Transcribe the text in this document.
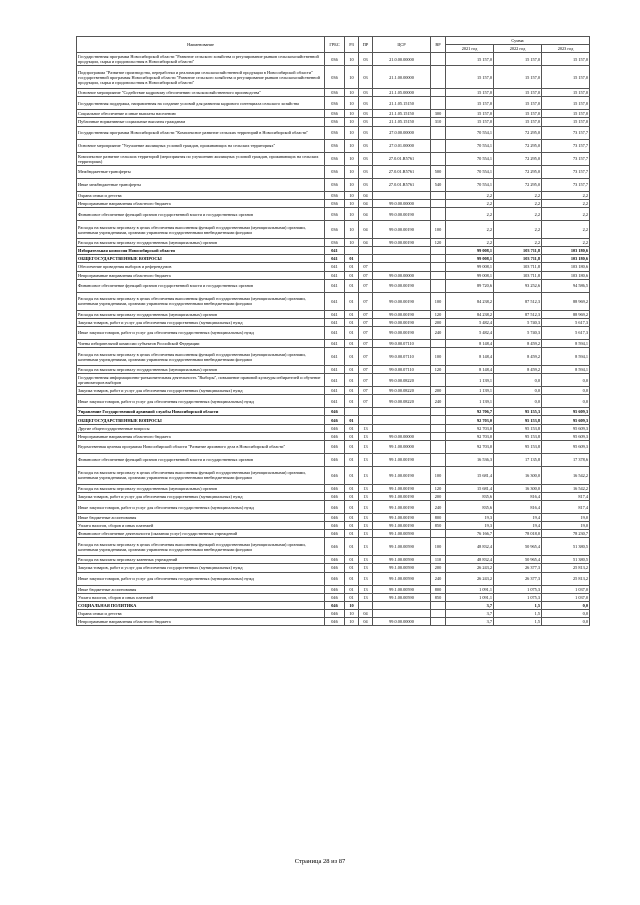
Наименование	ГРБС	РЗ	ПР	ЦСР	ВР	Сумма		
						2021 год	2022 год	2023 год
Государственная программа Новосибирской области "Развитие сельского хозяйства и регулирование рынков сельскохозяйственной продукции, сырья и продовольствия в Новосибирской области"	036	10	03	21.0.00.00000		15 157,0	15 157,0	15 157,0
Подпрограмма "Развитие производства, переработки и реализации сельскохозяйственной продукции в Новосибирской области" государственной программы Новосибирской области "Развитие сельского хозяйства и регулирование рынков сельскохозяйственной продукции, сырья и продовольствия в Новосибирской области"	036	10	03	21.1.00.00000		15 157,0	15 157,0	15 157,0
Основное мероприятие "Содействие кадровому обеспечению сельскохозяйственного производства"	036	10	03	21.1.05.00000		15 157,0	15 157,0	15 157,0
Государственная поддержка, направленная на создание условий для развития кадрового потенциала сельского хозяйства	036	10	03	21.1.05.15150		15 157,0	15 157,0	15 157,0
Социальное обеспечение и иные выплаты населению	036	10	03	21.1.05.15150	300	15 157,0	15 157,0	15 157,0
Публичные нормативные социальные выплаты гражданам	036	10	03	21.1.05.15150	310	15 157,0	15 157,0	15 157,0
Государственная программа Новосибирской области "Комплексное развитие сельских территорий в Новосибирской области"	036	10	03	27.0.00.00000		70 554,1	72 295,0	73 157,7
Основное мероприятие "Улучшение жилищных условий граждан, проживающих на сельских территориях"	036	10	03	27.0.01.00000		70 554,1	72 295,0	73 157,7
Комплексное развитие сельских территорий (мероприятия по улучшению жилищных условий граждан, проживающих на сельских территориях)	036	10	03	27.0.01.R5761		70 554,1	72 295,0	73 157,7
Межбюджетные трансферты	036	10	03	27.0.01.R5761	500	70 554,1	72 295,0	73 157,7
Иные межбюджетные трансферты	036	10	03	27.0.01.R5761	540	70 554,1	72 295,0	73 157,7
Охрана семьи и детства	036	10	04			2,2	2,2	2,2
Непрограммные направления областного бюджета	036	10	04	99.0.00.00000		2,2	2,2	2,2
Финансовое обеспечение функций органов государственной власти и государственных органов	036	10	04	99.0.00.00190		2,2	2,2	2,2
Расходы на выплаты персоналу в целях обеспечения выполнения функций государственными (муниципальными) органами, казенными учреждениями, органами управления государственными внебюджетными фондами	036	10	04	99.0.00.00190	100	2,2	2,2	2,2
Расходы на выплаты персоналу государственных (муниципальных) органов	036	10	04	99.0.00.00190	120	2,2	2,2	2,2
Избирательная комиссия Новосибирской области	041					99 008,1	103 711,8	103 180,6
ОБЩЕГОСУДАРСТВЕННЫЕ ВОПРОСЫ	041	01				99 008,1	103 711,8	103 180,6
Обеспечение проведения выборов и референдумов	041	01	07			99 008,1	103 711,8	103 180,6
Непрограммные направления областного бюджета	041	01	07	99.0.00.00000		99 008,1	103 711,8	103 180,6
Финансовое обеспечение функций органов государственной власти и государственных органов	041	01	07	99.0.00.00190		89 720,6	93 252,6	94 586,5
Расходы на выплаты персоналу в целях обеспечения выполнения функций государственными (муниципальными) органами, казенными учреждениями, органами управления государственными внебюджетными фондами	041	01	07	99.0.00.00190	100	84 238,2	87 512,3	88 969,2
Расходы на выплаты персоналу государственных (муниципальных) органов	041	01	07	99.0.00.00190	120	84 238,2	87 512,3	88 969,2
Закупка товаров, работ и услуг для обеспечения государственных (муниципальных) нужд	041	01	07	99.0.00.00190	200	5 482,4	5 740,3	5 617,3
Иные закупки товаров, работ и услуг для обеспечения государственных (муниципальных) нужд	041	01	07	99.0.00.00190	240	5 482,4	5 740,3	5 617,3
Члены избирательной комиссии субъектов Российской Федерации	041	01	07	99.0.00.07110		8 148,4	8 459,2	8 594,1
Расходы на выплаты персоналу в целях обеспечения выполнения функций государственными (муниципальными) органами, казенными учреждениями, органами управления государственными внебюджетными фондами	041	01	07	99.0.00.07110	100	8 148,4	8 459,2	8 594,1
Расходы на выплаты персоналу государственных (муниципальных) органов	041	01	07	99.0.00.07110	120	8 148,4	8 459,2	8 594,1
Государственная информационно-разъяснительная деятельность "Выборы", повышение правовой культуры избирателей и обучение организаторов выборов	041	01	07	99.0.00.08220		1 139,1	0,0	0,0
Закупка товаров, работ и услуг для обеспечения государственных (муниципальных) нужд	041	01	07	99.0.00.08220	200	1 139,1	0,0	0,0
Иные закупки товаров, работ и услуг для обеспечения государственных (муниципальных) нужд	041	01	07	99.0.00.08220	240	1 139,1	0,0	0,0
Управление Государственной архивной службы Новосибирской области	046					92 706,7	95 155,3	95 609,3
ОБЩЕГОСУДАРСТВЕННЫЕ ВОПРОСЫ	046	01				92 703,0	95 153,8	95 609,3
Другие общегосударственные вопросы	046	01	13			92 703,0	95 153,8	95 609,3
Непрограммные направления областного бюджета	046	01	13	99.0.00.00000		92 703,0	95 153,8	95 609,3
Ведомственная целевая программа Новосибирской области "Развитие архивного дела в Новосибирской области"	046	01	13	99.1.00.00000		92 703,0	95 153,8	95 609,3
Финансовое обеспечение функций органов государственной власти и государственных органов	046	01	13	99.1.00.00190		16 536,3	17 135,8	17 378,6
Расходы на выплаты персоналу в целях обеспечения выполнения функций государственными (муниципальными) органами, казенными учреждениями, органами управления государственными внебюджетными фондами	046	01	13	99.1.00.00190	100	15 681,4	16 300,0	16 542,2
Расходы на выплаты персоналу государственных (муниципальных) органов	046	01	13	99.1.00.00190	120	15 681,4	16 300,0	16 542,2
Закупка товаров, работ и услуг для обеспечения государственных (муниципальных) нужд	046	01	13	99.1.00.00190	200	835,6	816,4	817,4
Иные закупки товаров, работ и услуг для обеспечения государственных (муниципальных) нужд	046	01	13	99.1.00.00190	240	835,6	816,4	817,4
Иные бюджетные ассигнования	046	01	13	99.1.00.00190	800	19,3	19,4	19,0
Уплата налогов, сборов и иных платежей	046	01	13	99.1.00.00190	850	19,3	19,4	19,0
Финансовое обеспечение деятельности (оказания услуг) государственных учреждений	046	01	13	99.1.00.00590		76 166,7	78 018,0	78 230,7
Расходы на выплаты персоналу в целях обеспечения выполнения функций государственными (муниципальными) органами, казенными учреждениями, органами управления государственными внебюджетными фондами	046	01	13	99.1.00.00590	100	48 832,4	50 965,4	51 380,5
Расходы на выплаты персоналу казенных учреждений	046	01	13	99.1.00.00590	110	48 832,4	50 965,4	51 380,5
Закупка товаров, работ и услуг для обеспечения государственных (муниципальных) нужд	046	01	13	99.1.00.00590	200	26 243,2	26 377,3	25 813,2
Иные закупки товаров, работ и услуг для обеспечения государственных (муниципальных) нужд	046	01	13	99.1.00.00590	240	26 243,2	26 377,3	25 813,2
Иные бюджетные ассигнования	046	01	13	99.1.00.00590	800	1 091,1	1 075,3	1 037,0
Уплата налогов, сборов и иных платежей	046	01	13	99.1.00.00590	850	1 091,1	1 075,3	1 037,0
СОЦИАЛЬНАЯ ПОЛИТИКА	046	10				3,7	1,5	0,0
Охрана семьи и детства	046	10	04			3,7	1,5	0,0
Непрограммные направления областного бюджета	046	10	04	99.0.00.00000		3,7	1,5	0,0
Страница 28 из 87
